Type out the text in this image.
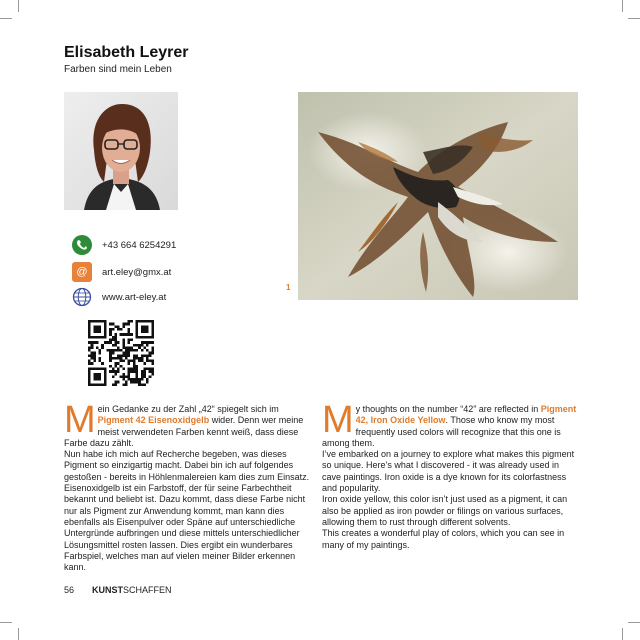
Elisabeth Leyrer
Farben sind mein Leben
+43 664 6254291
@	art.eley@gmx.at
www.art-eley.at
1
M ein Gedanke zu der Zahl „42“ spiegelt sich im Pigment 42 Eisenoxidgelb wider. Denn wer meine meist verwendeten Farben kennt weiß, dass diese Farbe dazu zählt.

Nun habe ich mich auf Recherche begeben, was dieses Pigment so einzigartig macht. Dabei bin ich auf folgendes gestoßen - bereits in Höhlenmalereien kam dies zum Einsatz. Eisenoxidgelb ist ein Farbstoff, der für seine Farbechtheit bekannt und beliebt ist. Dazu kommt, dass diese Farbe nicht nur als Pigment zur Anwendung kommt, man kann dies ebenfalls als Eisenpulver oder Späne auf unterschiedliche Untergründe aufbringen und diese mittels unterschiedlicher Lösungsmittel rosten lassen. Dies ergibt ein wunderbares Farbspiel, welches man auf vielen meiner Bilder erkennen kann.

M y thoughts on the number “42” are reflected in Pigment 42, Iron Oxide Yellow. Those who know my most frequently used colors will recognize that this one is among them.

I’ve embarked on a journey to explore what makes this pigment so unique. Here’s what I discovered - it was already used in cave paintings. Iron oxide is a dye known for its colorfastness and popularity.

Iron oxide yellow, this color isn’t just used as a pigment, it can also be applied as iron powder or filings on various surfaces, allowing them to rust through different solvents.

This creates a wonderful play of colors, which you can see in many of my paintings.

56 KUNSTSCHAFFEN
